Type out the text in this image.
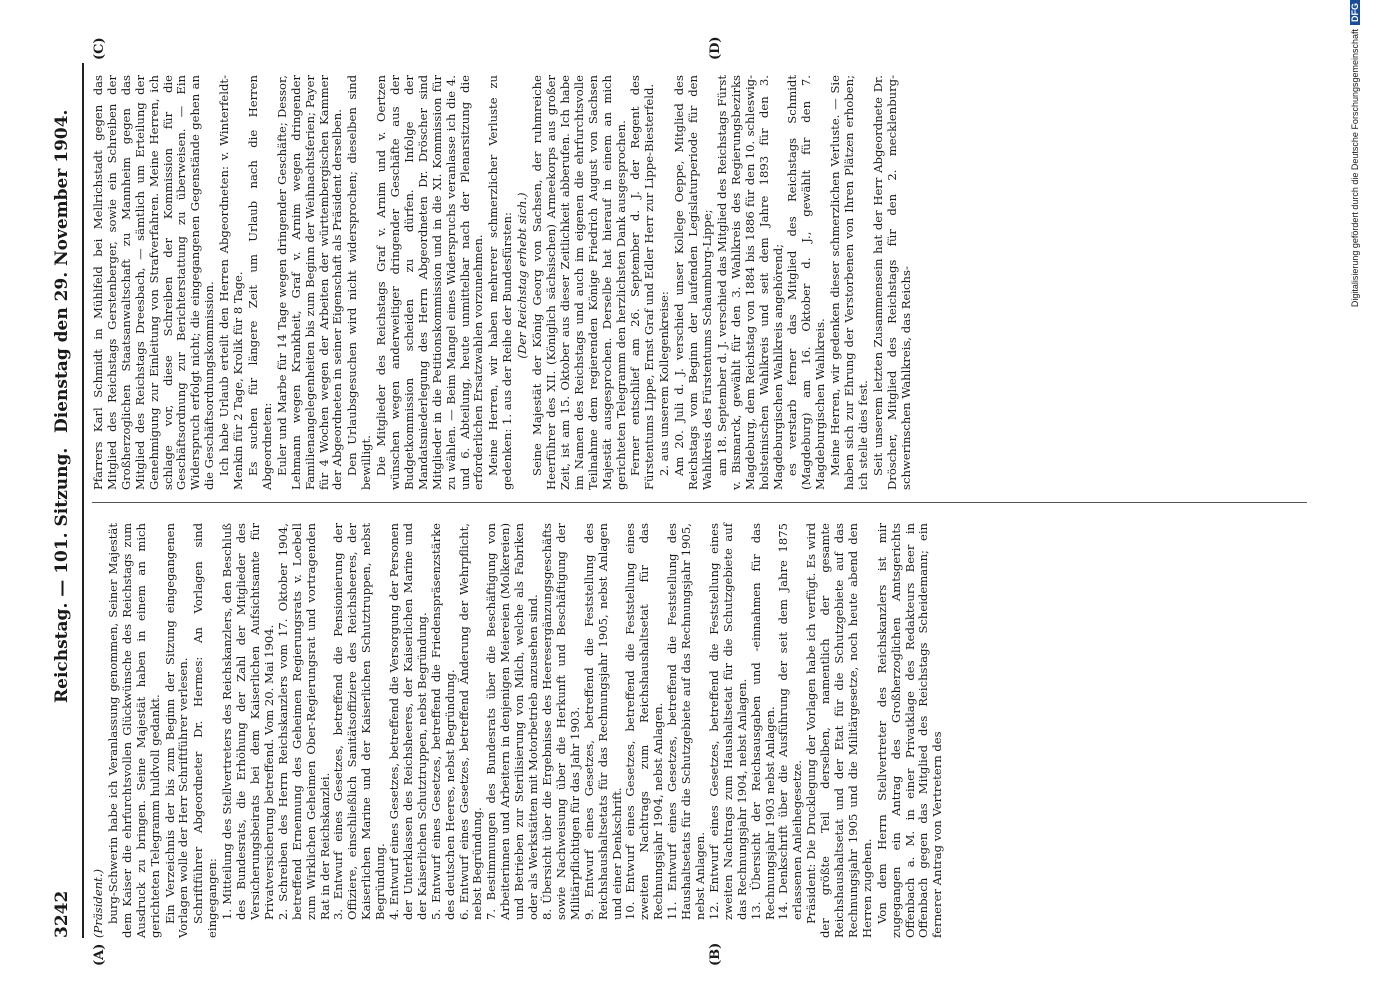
3242
Reichstag. — 101. Sitzung.
Dienstag den 29. November 1904.
(A)	(B)
(C)	(D)

(Präsident.) burg-Schwerin habe ich Veranlassung genommen, Seiner Majestät dem Kaiser die ehrfurchtsvollen Glückwünsche des Reichstags zum Ausdruck zu bringen. Seine Majestät haben in einem an mich gerichteten Telegramm huldvoll gedankt. Ein Verzeichnis der bis zum Beginn der Sitzung eingegangenen Vorlagen wolle der Herr Schriftführer verlesen. Schriftführer Abgeordneter Dr. Hermes: An Vorlagen sind eingegangen: 1. Mitteilung des Stellvertreters des Reichskanzlers, den Beschluß des Bundesrats, die Erhöhung der Zahl der Mitglieder des Versicherungsbeirats bei dem Kaiserlichen Aufsichtsamte für Privatversicherung betreffend. Vom 20. Mai 1904. 2. Schreiben des Herrn Reichskanzlers vom 17. Oktober 1904, betreffend Ernennung des Geheimen Regierungsrats v. Loebell zum Wirklichen Geheimen Ober-Regierungsrat und vortragenden Rat in der Reichskanzlei. 3. Entwurf eines Gesetzes, betreffend die Pensionierung der Offiziere, einschließlich Sanitätsoffiziere des Reichsheeres, der Kaiserlichen Marine und der Kaiserlichen Schutztruppen, nebst Begründung. 4. Entwurf eines Gesetzes, betreffend die Versorgung der Personen der Unterklassen des Reichsheeres, der Kaiserlichen Marine und der Kaiserlichen Schutztruppen, nebst Begründung. 5. Entwurf eines Gesetzes, betreffend die Friedenspräsenzstärke des deutschen Heeres, nebst Begründung. 6. Entwurf eines Gesetzes, betreffend Änderung der Wehrpflicht, nebst Begründung. 7. Bestimmungen des Bundesrats über die Beschäftigung von Arbeiterinnen und Arbeitern in denjenigen Meiereien (Molkereien) und Betrieben zur Sterilisierung von Milch, welche als Fabriken oder als Werkstätten mit Motorbetrieb anzusehen sind. 8. Übersicht über die Ergebnisse des Heeresergänzungsgeschäfts sowie Nachweisung über die Herkunft und Beschäftigung der Militärpflichtigen für das Jahr 1903. 9. Entwurf eines Gesetzes, betreffend die Feststellung des Reichshaushaltsetats für das Rechnungsjahr 1905, nebst Anlagen und einer Denkschrift. 10. Entwurf eines Gesetzes, betreffend die Feststellung eines zweiten Nachtrags zum Reichshaushaltsetat für das Rechnungsjahr 1904, nebst Anlagen. 11. Entwurf eines Gesetzes, betreffend die Feststellung des Haushaltsetats für die Schutzgebiete auf das Rechnungsjahr 1905, nebst Anlagen. 12. Entwurf eines Gesetzes, betreffend die Feststellung eines zweiten Nachtrags zum Haushaltsetat für die Schutzgebiete auf das Rechnungsjahr 1904, nebst Anlagen. 13. Übersicht der Reichsausgaben und -einnahmen für das Rechnungsjahr 1903 nebst Anlagen. 14. Denkschrift über die Ausführung der seit dem Jahre 1875 erlassenen Anleihegesetze. Präsident: Die Drucklegung der Vorlagen habe ich verfügt. Es wird der größte Teil derselben, namentlich der gesamte Reichshaushaltsetat und der Etat für die Schutzgebiete auf das Rechnungsjahr 1905 und die Militärgesetze, noch heute abend den Herren zugehen. Von dem Herrn Stellvertreter des Reichskanzlers ist mir zugegangen ein Antrag des Großherzoglichen Amtsgerichts Offenbach a. M. in einer Privatklage des Redakteurs Beer in Offenbach gegen das Mitglied des Reichstags Scheidemann; ein fernerer Antrag von Vertretern des

Pfarrers Karl Schmidt in Mühlfeld bei Mellrichstadt gegen das Mitglied des Reichstags Gerstenberger, sowie ein Schreiben der Großherzoglichen Staatsanwaltschaft zu Mannheim gegen das Mitglied des Reichstags Dreesbach, — sämtlich um Erteilung der Genehmigung zur Einleitung von Strafverfahren. Meine Herren, ich schlage vor, diese Schreiben der Kommission für die Geschäftsordnung zur Berichterstattung zu überweisen. — Ein Widerspruch erfolgt nicht; die eingegangenen Gegenstände gehen an die Geschäftsordnungskommission. Ich habe Urlaub erteilt den Herren Abgeordneten: v. Winterfeldt-Menkin für 2 Tage, Krolik für 8 Tage. Es suchen für längere Zeit um Urlaub nach die Herren Abgeordneten: Euler und Marbe für 14 Tage wegen dringender Geschäfte; Dessor, Lehmann wegen Krankheit, Graf v. Arnim wegen dringender Familienangelegenheiten bis zum Beginn der Weihnachtsferien; Payer für 4 Wochen wegen der Arbeiten der württembergischen Kammer der Abgeordneten in seiner Eigenschaft als Präsident derselben. Den Urlaubsgesuchen wird nicht widersprochen; dieselben sind bewilligt. Die Mitglieder des Reichstags Graf v. Arnim und v. Oertzen wünschen wegen anderweitiger dringender Geschäfte aus der Budgetkommission scheiden zu dürfen. Infolge der Mandatsniederlegung des Herrn Abgeordneten Dr. Dröscher sind Mitglieder in die Petitionskommission und in die XI. Kommission für zu wählen. — Beim Mangel eines Widerspruchs veranlasse ich die 4. und 6. Abteilung, heute unmittelbar nach der Plenarsitzung die erforderlichen Ersatzwahlen vorzunehmen. Meine Herren, wir haben mehrerer schmerzlicher Verluste zu gedenken: 1. aus der Reihe der Bundesfürsten: (Der Reichstag erhebt sich.) Seine Majestät der König Georg von Sachsen, der ruhmreiche Heerführer des XII. (Königlich sächsischen) Armeekorps aus großer Zeit, ist am 15. Oktober aus dieser Zeitlichkeit abberufen. Ich habe im Namen des Reichstags und auch im eigenen die ehrfurchtsvolle Teilnahme dem regierenden Könige Friedrich August von Sachsen Majestät ausgesprochen. Derselbe hat hierauf in einem an mich gerichteten Telegramm den herzlichsten Dank ausgesprochen. Ferner entschlief am 26. September d. J. der Regent des Fürstentums Lippe, Ernst Graf und Edler Herr zur Lippe-Biesterfeld. 2. aus unserem Kollegenkreise: Am 20. Juli d. J. verschied unser Kollege Oeppe, Mitglied des Reichstags vom Beginn der laufenden Legislaturperiode für den Wahlkreis des Fürstentums Schaumburg-Lippe; am 18. September d. J. verschied das Mitglied des Reichstags Fürst v. Bismarck, gewählt für den 3. Wahlkreis des Regierungsbezirks Magdeburg, dem Reichstag von 1884 bis 1886 für den 10. schleswig-holsteinischen Wahlkreis und seit dem Jahre 1893 für den 3. Magdeburgischen Wahlkreis angehörend; es verstarb ferner das Mitglied des Reichstags Schmidt (Magdeburg) am 16. Oktober d. J., gewählt für den 7. Magdeburgischen Wahlkreis. Meine Herren, wir gedenken dieser schmerzlichen Verluste. — Sie haben sich zur Ehrung der Verstorbenen von Ihren Plätzen erhoben; ich stelle dies fest. Seit unserem letzten Zusammensein hat der Herr Abgeordnete Dr. Dröscher, Mitglied des Reichstags für den 2. mecklenburg-schwerinschen Wahlkreis, das Reichs-

Digitalisierung gefördert durch die Deutsche ForschungsgemeinschaftDFG
